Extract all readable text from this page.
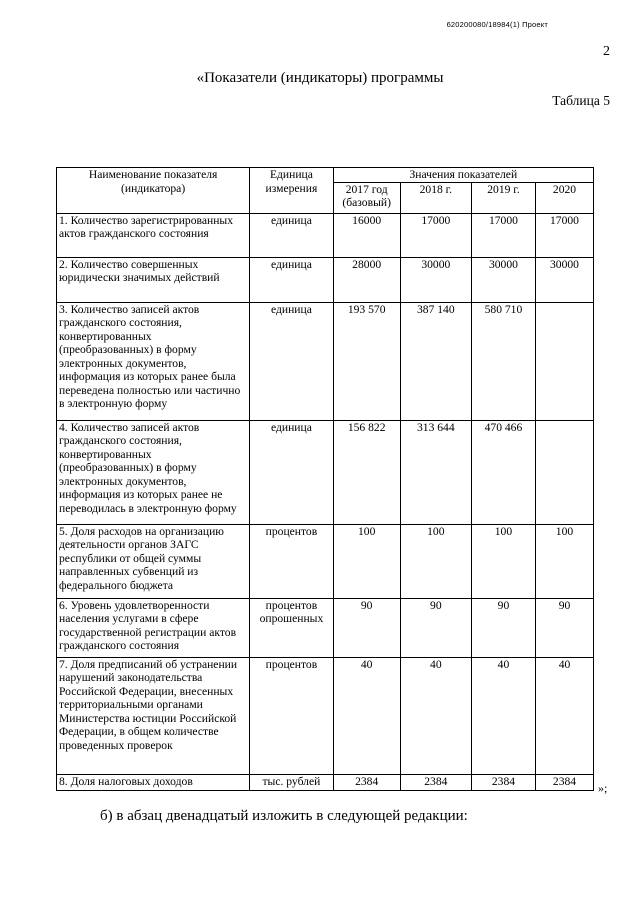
620200080/18984(1) Проект
2
«Показатели (индикаторы) программы
Таблица 5
Наименование показателя (индикатора)	Единица измерения	Значения показателей			
		2017 год (базовый)	2018 г.	2019 г.	2020
1. Количество зарегистрированных актов гражданского состояния	единица	16000	17000	17000	17000
2. Количество совершенных юридически значимых действий	единица	28000	30000	30000	30000
3. Количество записей актов гражданского состояния, конвертированных (преобразованных) в форму электронных документов, информация из которых ранее была переведена полностью или частично в электронную форму	единица	193 570	387 140	580 710	
4. Количество записей актов гражданского состояния, конвертированных (преобразованных) в форму электронных документов, информация из которых ранее не переводилась в электронную форму	единица	156 822	313 644	470 466	
5. Доля расходов на организацию деятельности органов ЗАГС республики от общей суммы направленных субвенций из федерального бюджета	процентов	100	100	100	100
6. Уровень удовлетворенности населения услугами в сфере государственной регистрации актов гражданского состояния	процентов опрошенных	90	90	90	90
7. Доля предписаний об устранении нарушений законодательства Российской Федерации, внесенных территориальными органами Министерства юстиции Российской Федерации, в общем количестве проведенных проверок	процентов	40	40	40	40
8. Доля налоговых доходов	тыс. рублей	2384	2384	2384	2384 »;
б) в абзац двенадцатый изложить в следующей редакции:
